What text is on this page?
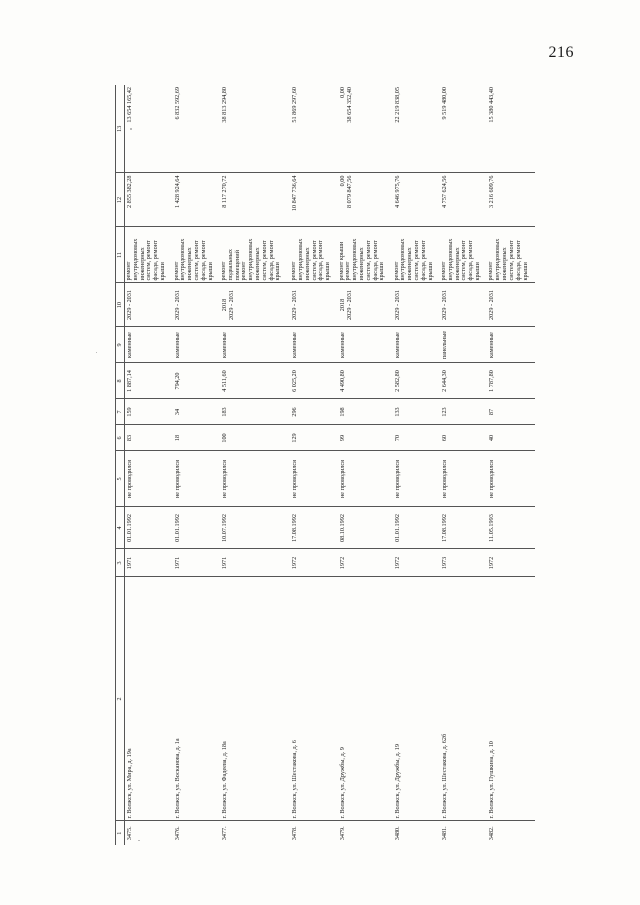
216
1	2	3	4	5	6	7	8	9	10	11	12	13
3475.	г. Волжск, ул. Мира, д. 19а	1971	01.01.1992	не проводился	83	159	1 887,14	каменные	2029 - 2031	ремонт внутридомовых инженерных систем, ремонт фасада, ремонт крыши	2 855 382,28	13 654 165,42

3476.	г. Волжск, ул. Восканова, д. 1а	1971	01.01.1992	не проводился	18	34	794,20	каменные	2029 - 2031	ремонт внутридомовых инженерных систем, ремонт фасада, ремонт крыши	1 428 924,64	6 832 592,69

3477.	г. Волжск, ул. Фадеева, д. 18а	1971	10.07.1992	не проводился	100	183	4 511,60	каменные	2018 2029 - 2031	ремонт подвальных помещений ремонт внутридомовых инженерных систем, ремонт фасада, ремонт крыши	8 117 270,72	38 813 294,80

3478.	г. Волжск, ул. Шестакова, д. 6	1972	17.08.1992	не проводился	129	296	6 025,20	каменные	2029 - 2031	ремонт внутридомовых инженерных систем, ремонт фасада, ремонт крыши	10 847 736,64	51 869 297,60

3479.	г. Волжск, ул. Дружбы, д. 9	1972	08.10.1992	не проводился	99	198	4 490,80	каменные	2018 2029 - 2031	ремонт крыши ремонт внутридомовых инженерных систем, ремонт фасада, ремонт крыши	0,00 8 079 847,56	0,00 38 654 352,40

3480.	г. Волжск, ул. Дружбы, д. 19	1972	01.01.1992	не проводился	70	133	2 582,80	каменные	2029 - 2031	ремонт внутридомовых инженерных систем, ремонт фасада, ремонт крыши	4 646 975,76	22 219 838,05

3481.	г. Волжск, ул. Шестакова, д. 62б	1973	17.08.1992	не проводился	60	123	2 644,30	панельные	2029 - 2031	ремонт внутридомовых инженерных систем, ремонт фасада, ремонт крыши	4 757 624,56	9 519 480,00

3482.	г. Волжск, ул. Пушкина, д. 10	1972	11.05.1993	не проводился	40	87	1 787,80	каменные	2029 - 2031	ремонт внутридомовых инженерных систем, ремонт фасада, ремонт крыши	3 216 609,76	15 380 443,40
